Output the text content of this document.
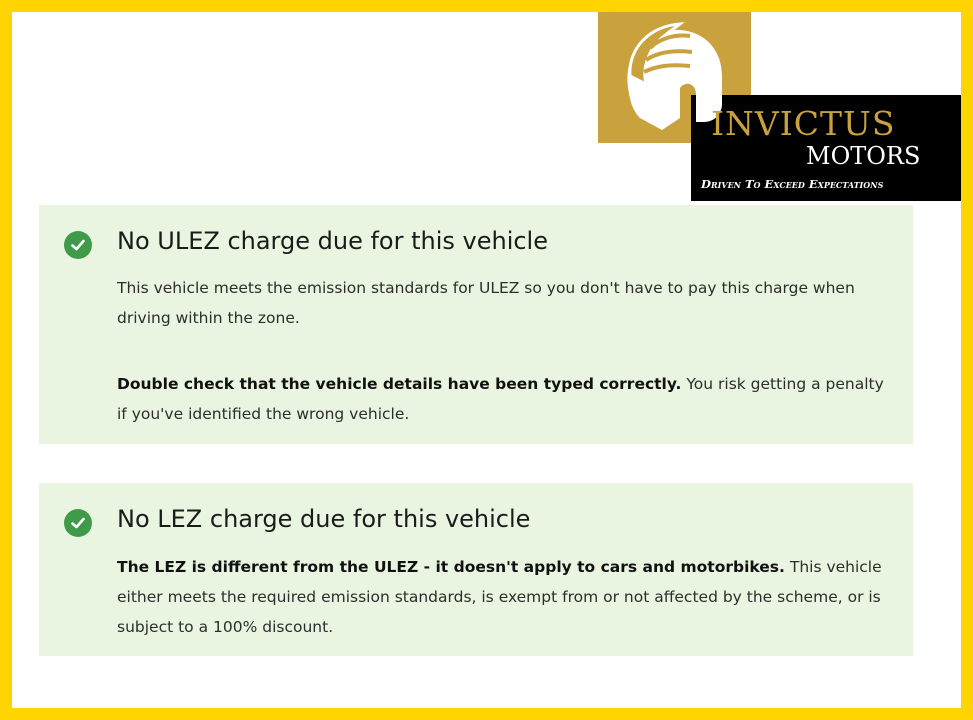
INVICTUS

MOTORS

Driven To Exceed Expectations

No ULEZ charge due for this vehicle

This vehicle meets the emission standards for ULEZ so you don't have to pay this charge when driving within the zone.

Double check that the vehicle details have been typed correctly. You risk getting a penalty if you've identified the wrong vehicle.

No LEZ charge due for this vehicle

The LEZ is different from the ULEZ - it doesn't apply to cars and motorbikes. This vehicle either meets the required emission standards, is exempt from or not affected by the scheme, or is subject to a 100% discount.
